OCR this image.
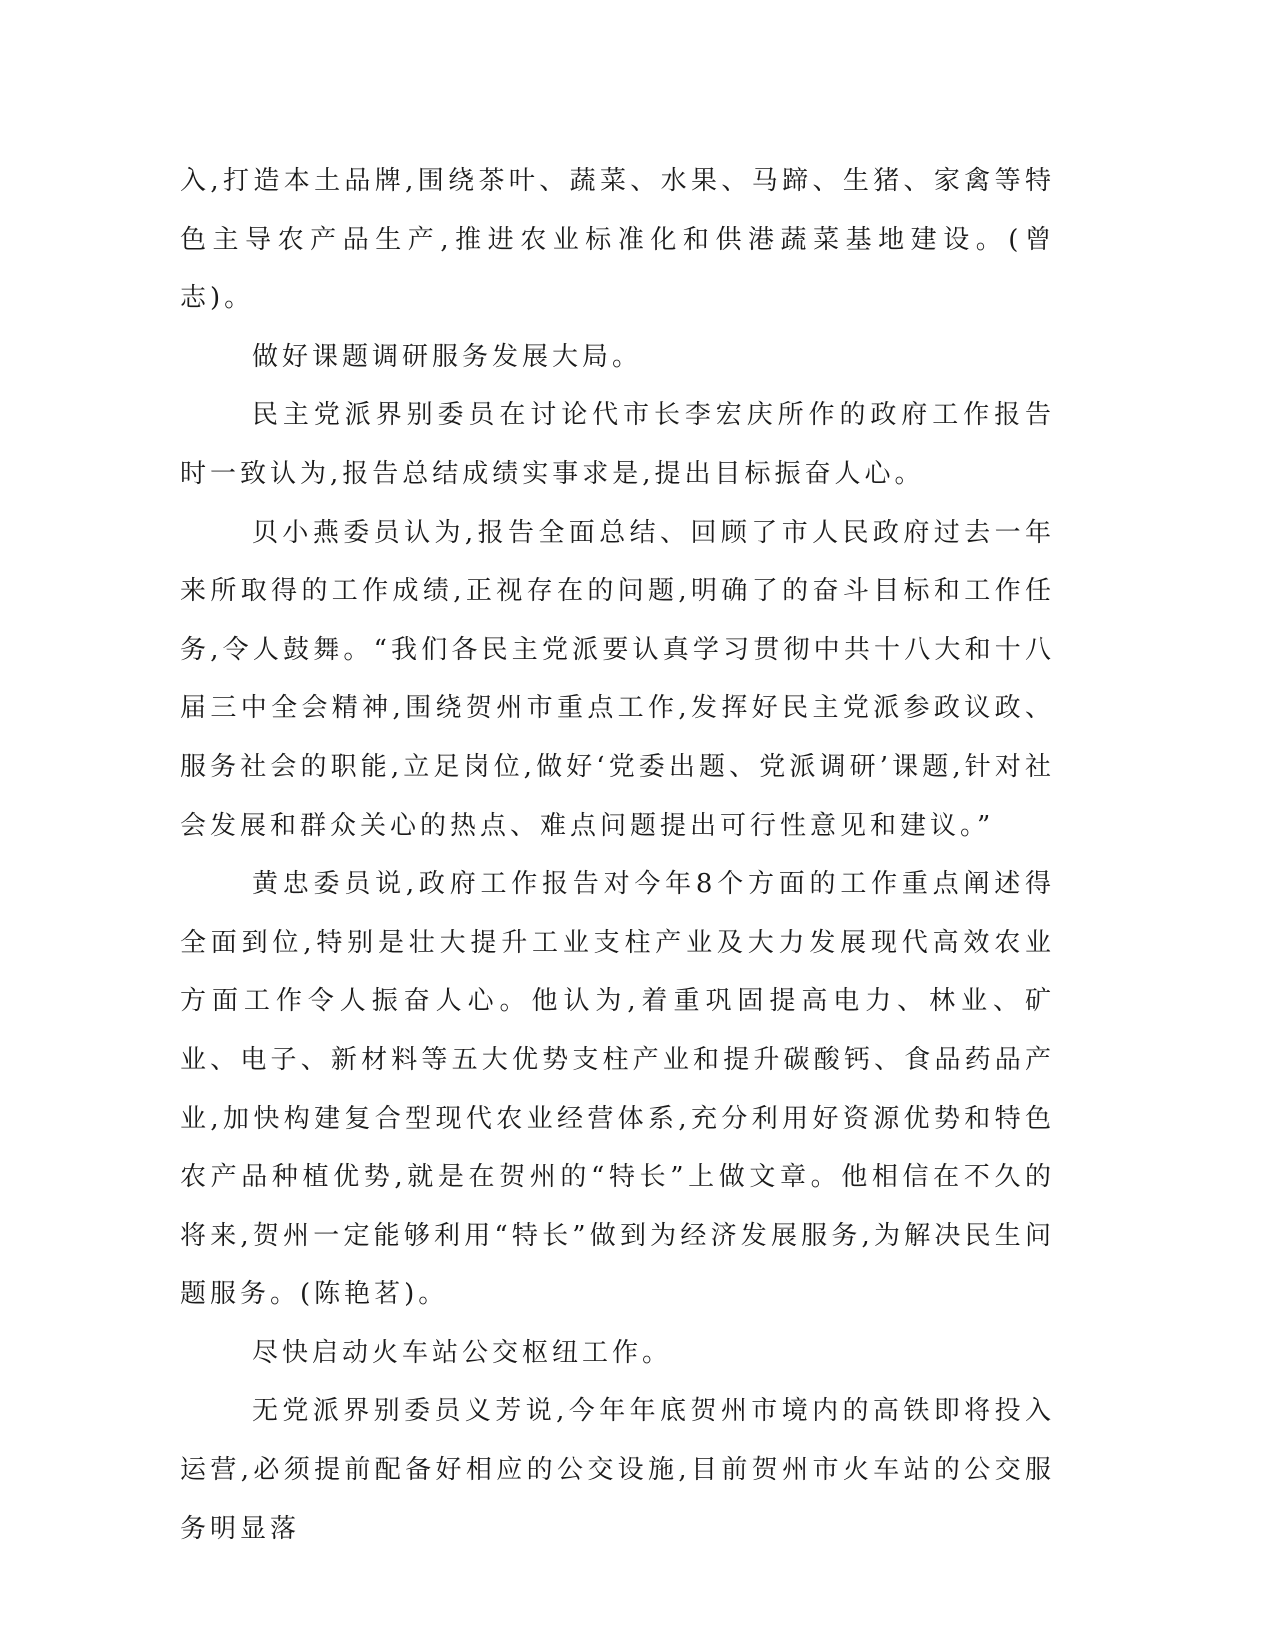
入,打造本土品牌,围绕茶叶、蔬菜、水果、马蹄、生猪、家禽等特色主导农产品生产,推进农业标准化和供港蔬菜基地建设。(曾志)。

做好课题调研服务发展大局。

民主党派界别委员在讨论代市长李宏庆所作的政府工作报告时一致认为,报告总结成绩实事求是,提出目标振奋人心。

贝小燕委员认为,报告全面总结、回顾了市人民政府过去一年来所取得的工作成绩,正视存在的问题,明确了的奋斗目标和工作任务,令人鼓舞。“我们各民主党派要认真学习贯彻中共十八大和十八届三中全会精神,围绕贺州市重点工作,发挥好民主党派参政议政、服务社会的职能,立足岗位,做好‘党委出题、党派调研’课题,针对社会发展和群众关心的热点、难点问题提出可行性意见和建议。”

黄忠委员说,政府工作报告对今年8个方面的工作重点阐述得全面到位,特别是壮大提升工业支柱产业及大力发展现代高效农业方面工作令人振奋人心。他认为,着重巩固提高电力、林业、矿业、电子、新材料等五大优势支柱产业和提升碳酸钙、食品药品产业,加快构建复合型现代农业经营体系,充分利用好资源优势和特色农产品种植优势,就是在贺州的“特长”上做文章。他相信在不久的将来,贺州一定能够利用“特长”做到为经济发展服务,为解决民生问题服务。(陈艳茗)。

尽快启动火车站公交枢纽工作。

无党派界别委员义芳说,今年年底贺州市境内的高铁即将投入运营,必须提前配备好相应的公交设施,目前贺州市火车站的公交服务明显落
